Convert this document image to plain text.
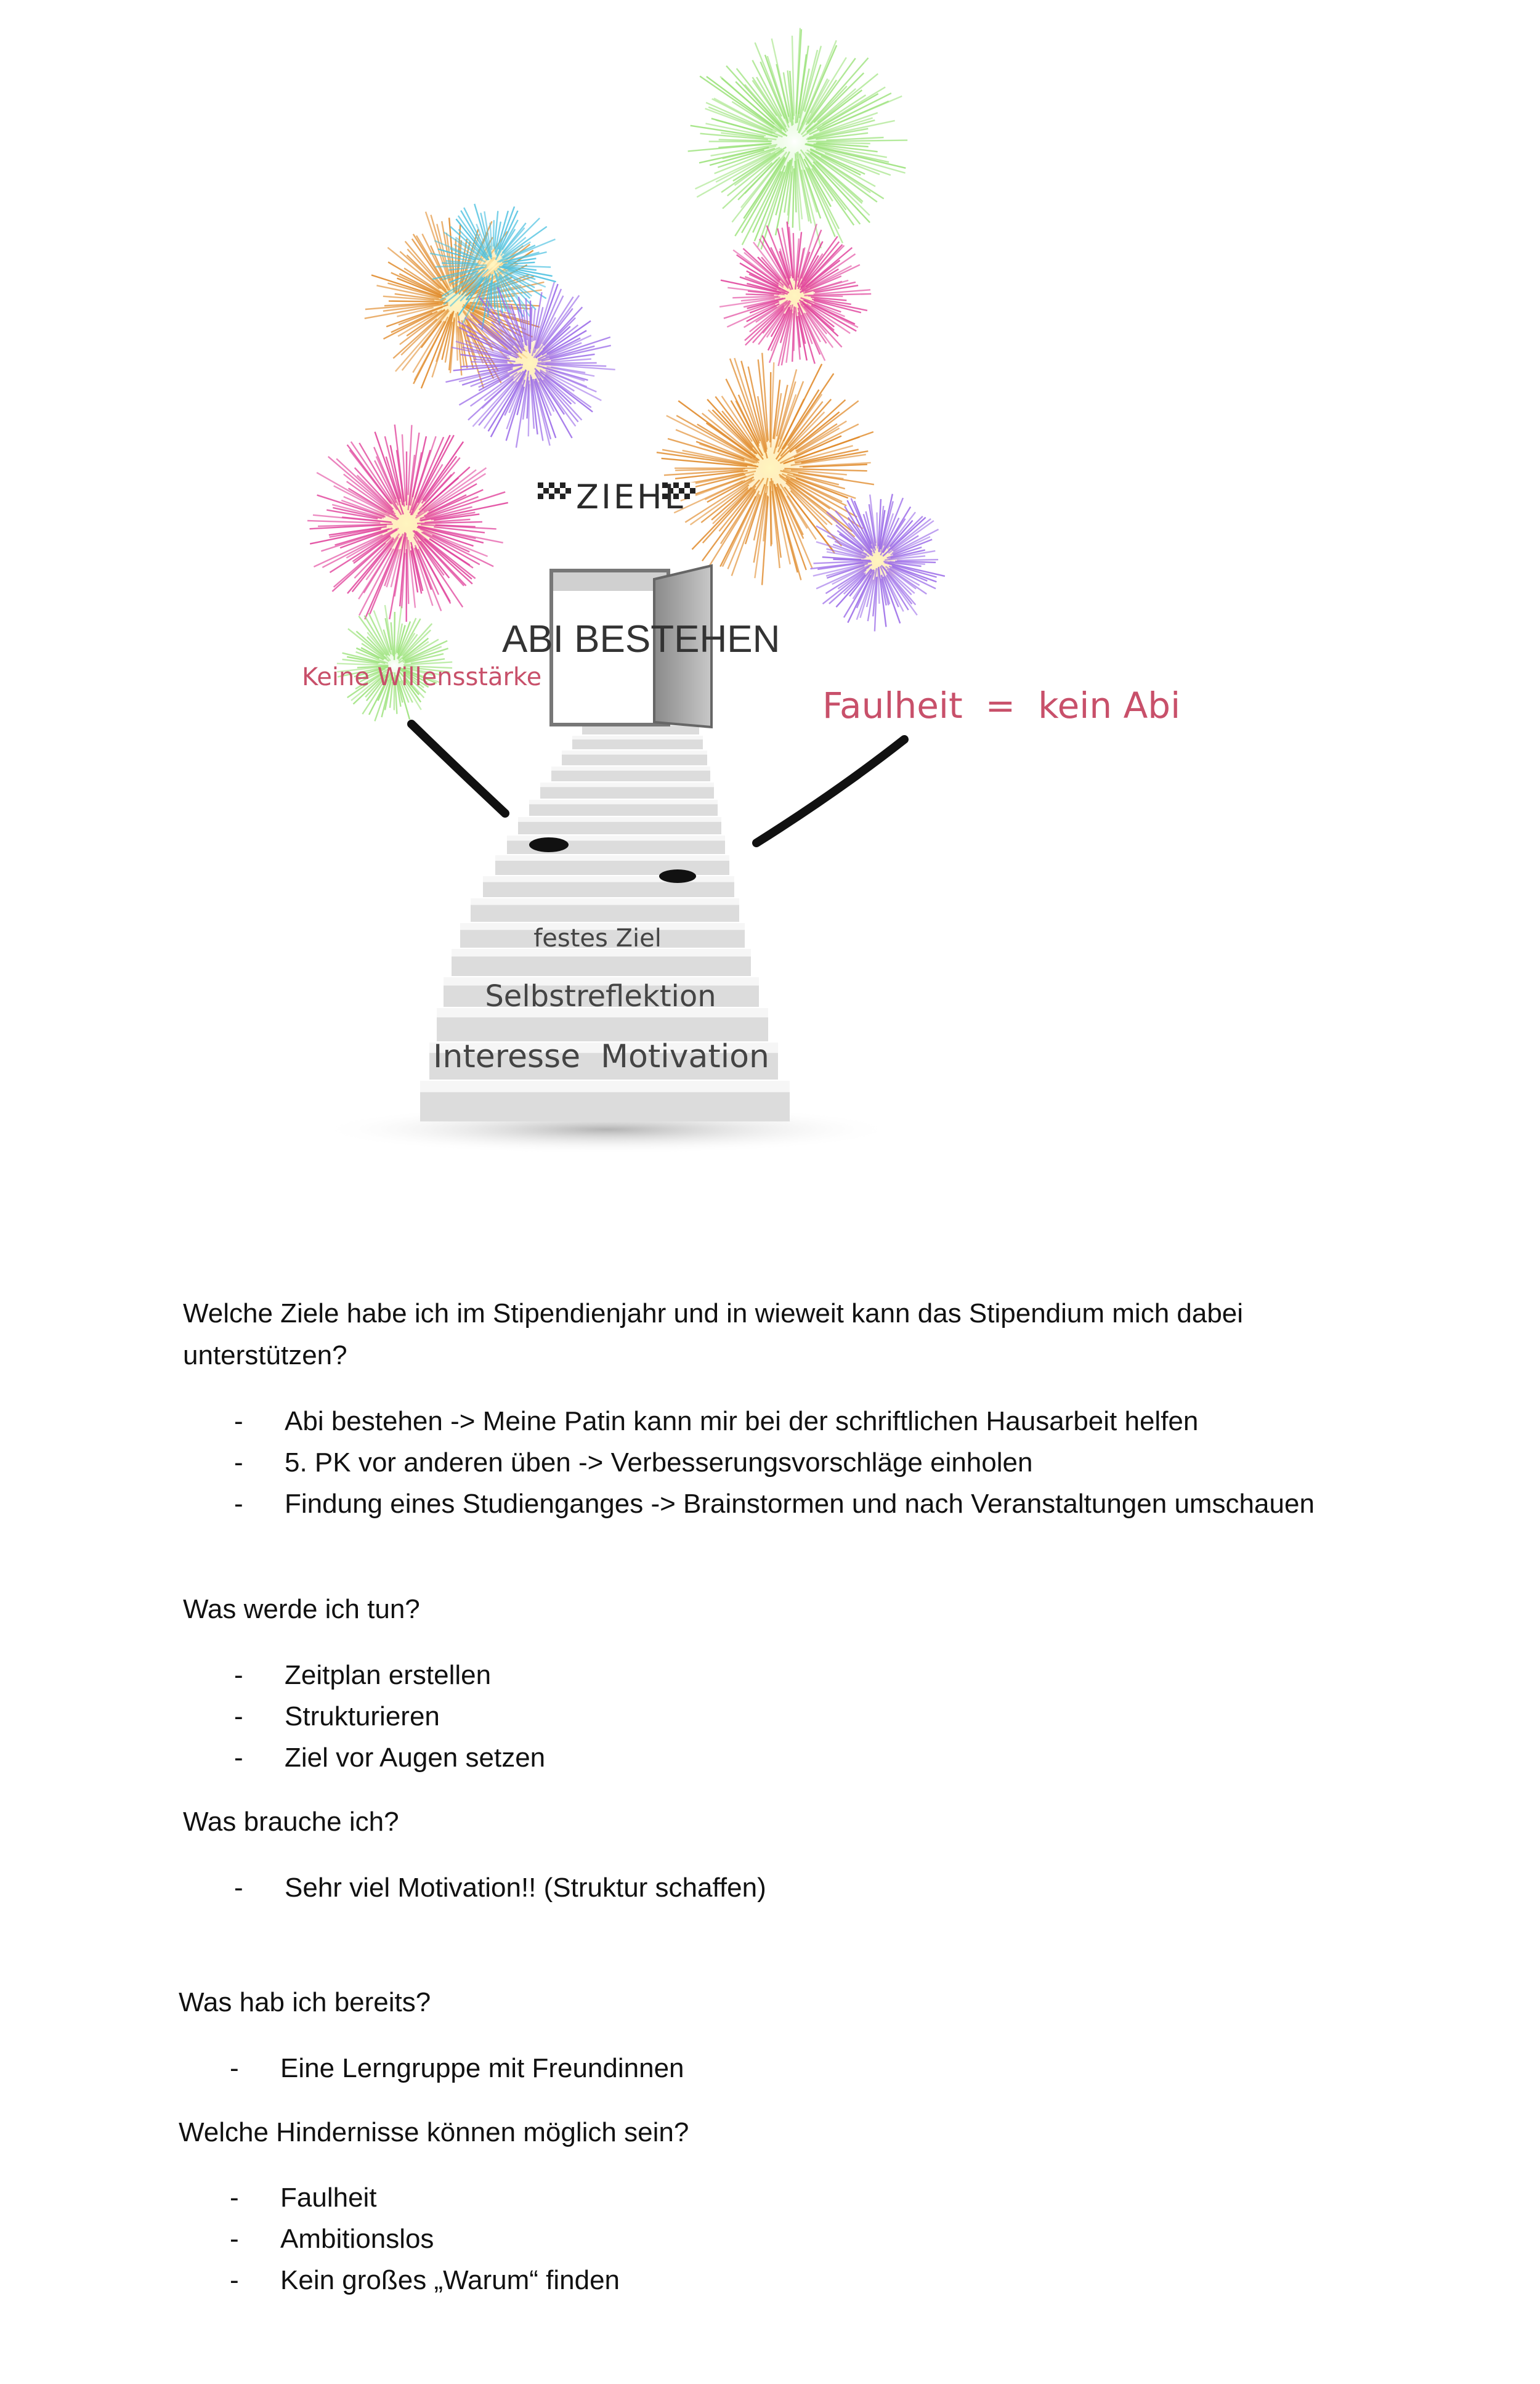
ZIEHL
ABI BESTEHEN
Keine Willensstärke
Faulheit  =  kein Abi
festes Ziel
Selbstreflektion
Interesse  Motivation
Welche Ziele habe ich im Stipendienjahr und in wieweit kann das Stipendium mich dabei unterstützen?
- Abi bestehen -> Meine Patin kann mir bei der schriftlichen Hausarbeit helfen
- 5. PK vor anderen üben -> Verbesserungsvorschläge einholen
- Findung eines Studienganges -> Brainstormen und nach Veranstaltungen umschauen
Was werde ich tun?
- Zeitplan erstellen
- Strukturieren
- Ziel vor Augen setzen
Was brauche ich?
- Sehr viel Motivation!! (Struktur schaffen)
Was hab ich bereits?
- Eine Lerngruppe mit Freundinnen
Welche Hindernisse können möglich sein?
- Faulheit
- Ambitionslos
- Kein großes „Warum“ finden
